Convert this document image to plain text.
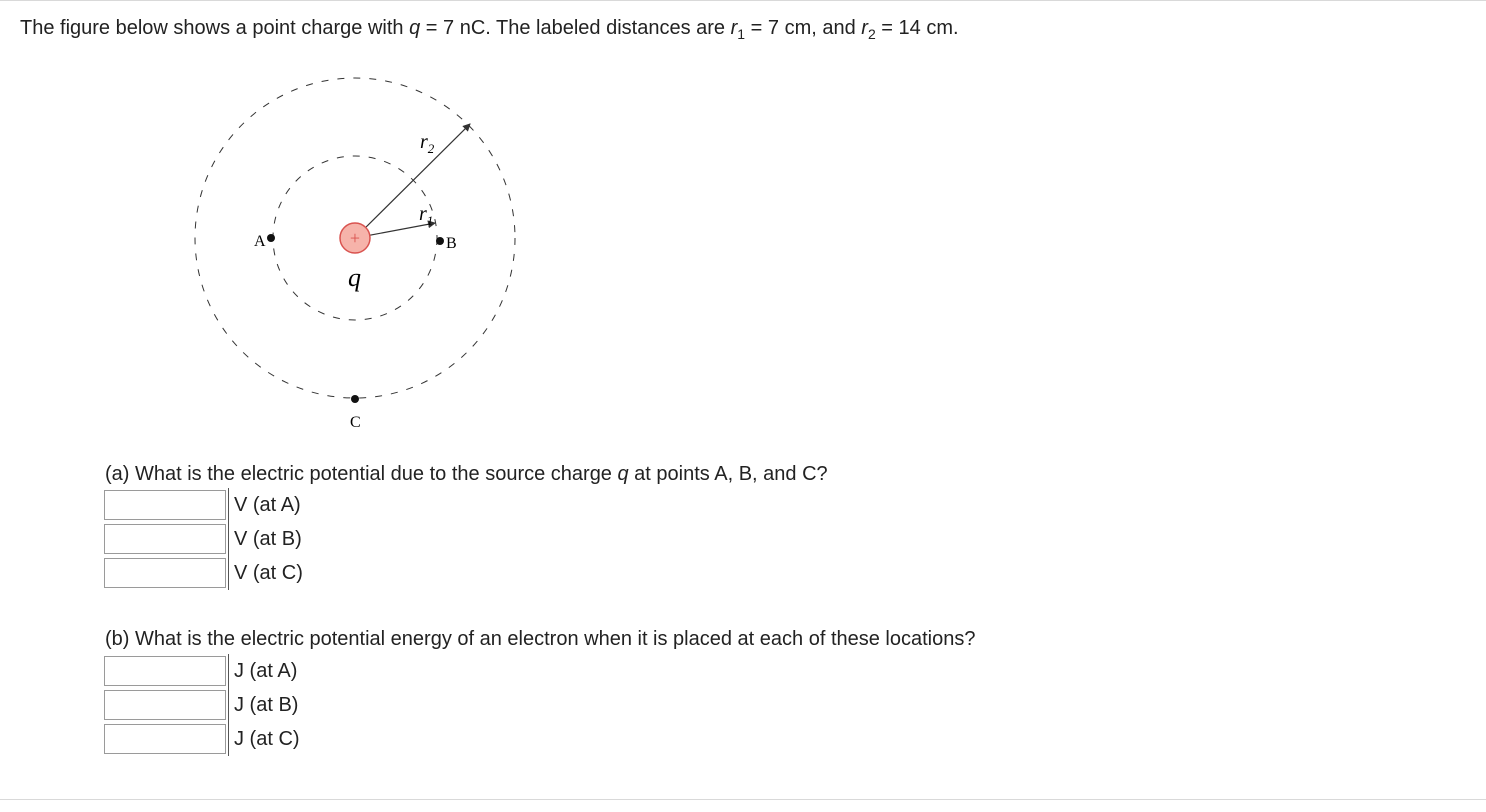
The figure below shows a point charge with q = 7 nC. The labeled distances are $r_1 = 7$ cm, and $r_2 = 14$ cm.
+
q
A	B
C
$r_1$
$r_2$
(a) What is the electric potential due to the source charge q at points A, B, and C?
V (at A)
V (at B)
V (at C)
(b) What is the electric potential energy of an electron when it is placed at each of these locations?
J (at A)
J (at B)
J (at C)
